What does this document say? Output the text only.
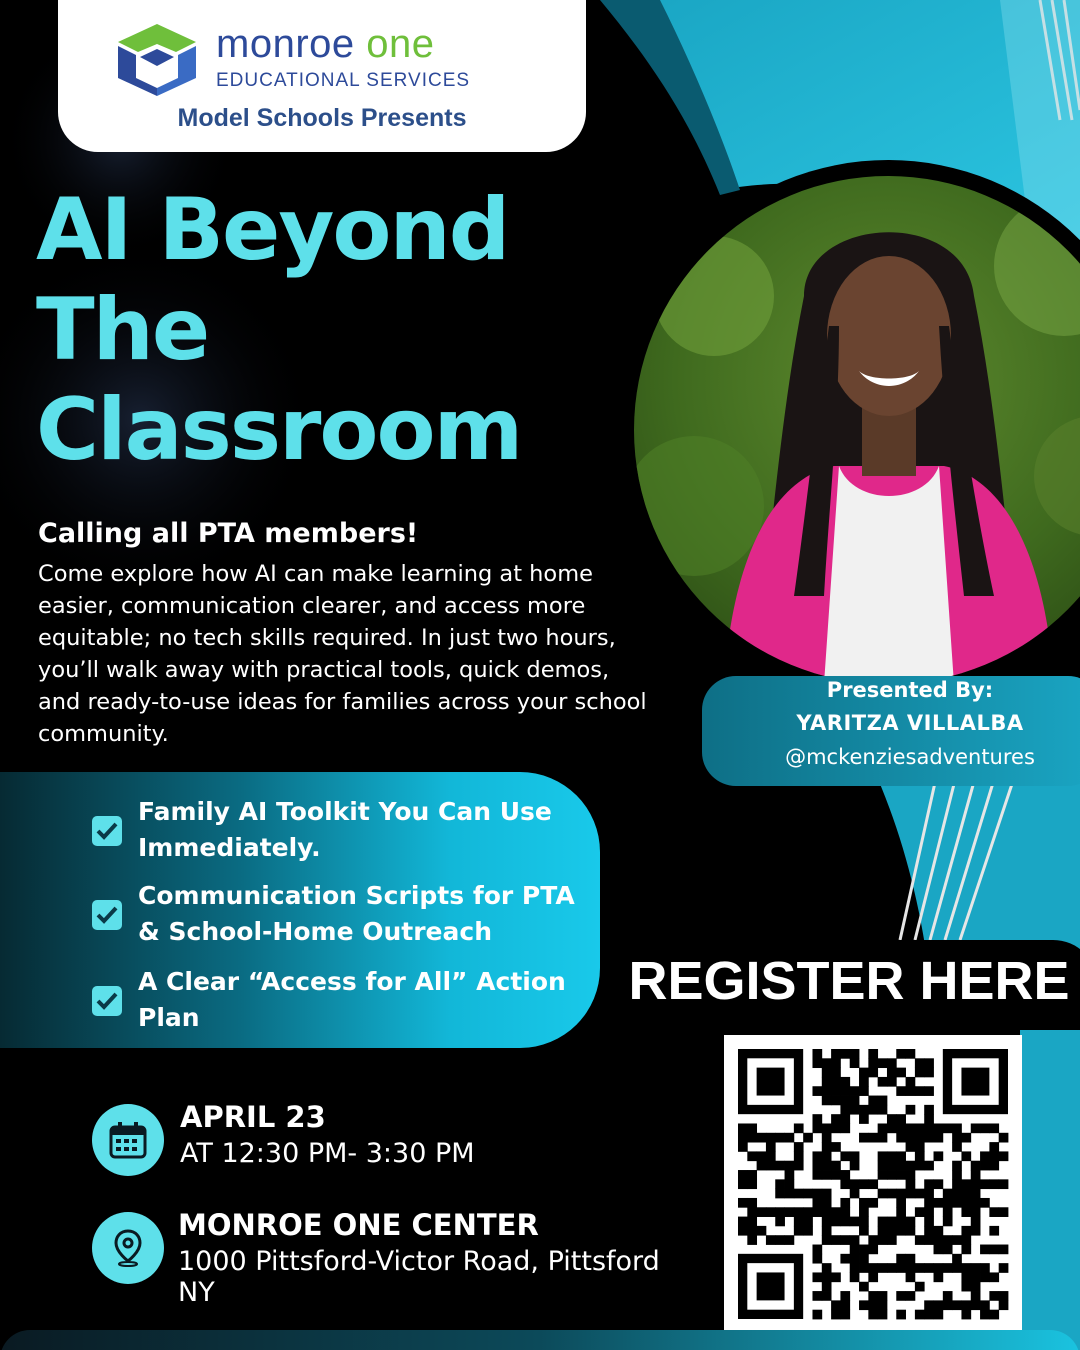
monroe one
EDUCATIONAL SERVICES
Model Schools Presents
AI Beyond
The
Classroom
Calling all PTA members!
Come explore how AI can make learning at home easier, communication clearer, and access more equitable; no tech skills required. In just two hours, you’ll walk away with practical tools, quick demos, and ready-to-use ideas for families across your school community.
Presented By:
YARITZA VILLALBA
@mckenziesadventures
Family AI Toolkit You Can Use Immediately.
Communication Scripts for PTA & School-Home Outreach
A Clear “Access for All” Action Plan
REGISTER HERE
APRIL 23
AT 12:30 PM- 3:30 PM
MONROE ONE CENTER
1000 Pittsford-Victor Road, Pittsford NY
